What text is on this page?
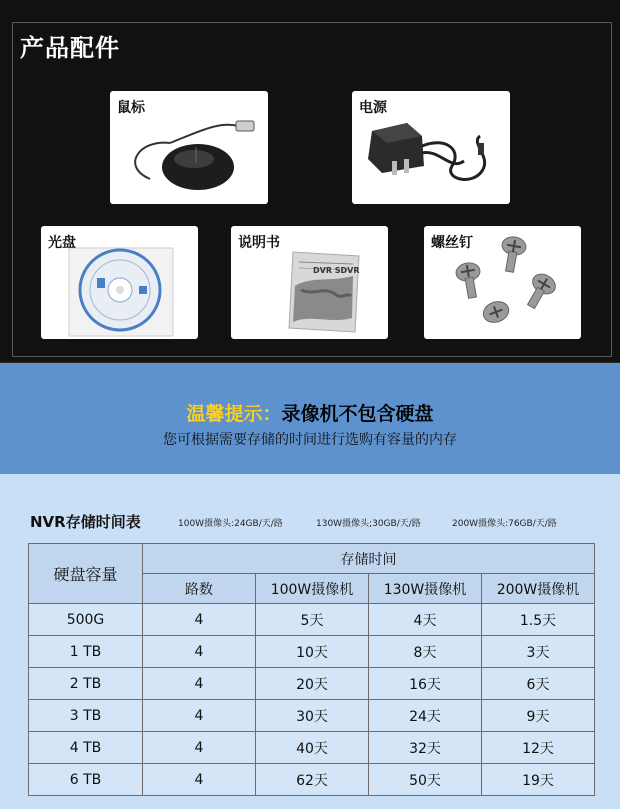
产品配件
鼠标	电源
光盘
DVR SDVR
说明书	螺丝钉
温馨提示：录像机不包含硬盘
您可根据需要存储的时间进行选购有容量的内存
NVR存储时间表	100W摄像头:24GB/天/路	130W摄像头;30GB/天/路	200W摄像头:76GB/天/路
硬盘容量	存储时间			
	路数	100W摄像机	130W摄像机	200W摄像机
500G	4	5天	4天	1.5天
1 TB	4	10天	8天	3天
2 TB	4	20天	16天	6天
3 TB	4	30天	24天	9天
4 TB	4	40天	32天	12天
6 TB	4	62天	50天	19天
